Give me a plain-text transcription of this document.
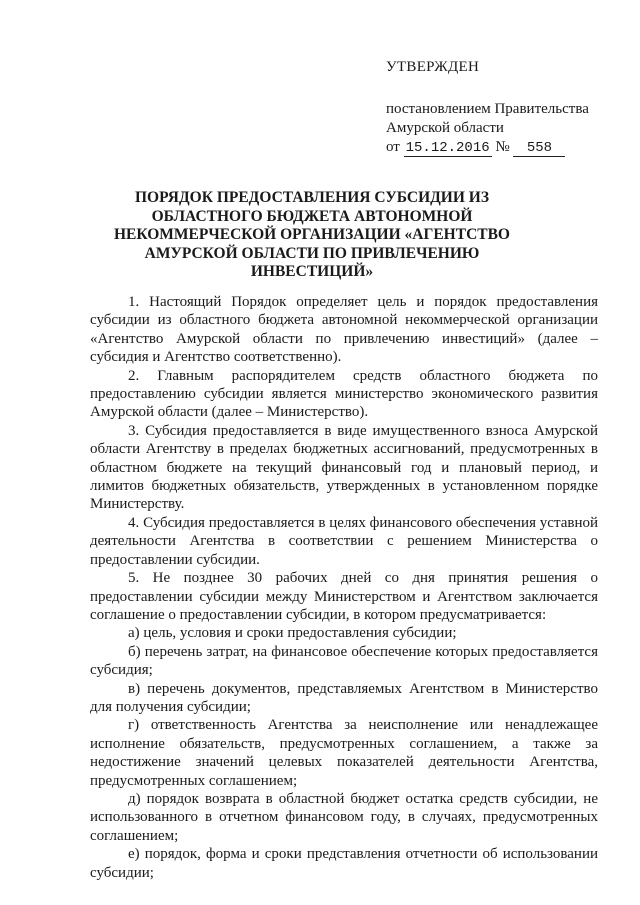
УТВЕРЖДЕН
постановлением Правительства
Амурской области
от 15.12.2016 № 558
ПОРЯДОК ПРЕДОСТАВЛЕНИЯ СУБСИДИИ ИЗ ОБЛАСТНОГО БЮДЖЕТА АВТОНОМНОЙ НЕКОММЕРЧЕСКОЙ ОРГАНИЗАЦИИ «АГЕНТСТВО АМУРСКОЙ ОБЛАСТИ ПО ПРИВЛЕЧЕНИЮ ИНВЕСТИЦИЙ»

1. Настоящий Порядок определяет цель и порядок предоставления субсидии из областного бюджета автономной некоммерческой организации «Агентство Амурской области по привлечению инвестиций» (далее – субсидия и Агентство соответственно).

2. Главным распорядителем средств областного бюджета по предоставлению субсидии является министерство экономического развития Амурской области (далее – Министерство).

3. Субсидия предоставляется в виде имущественного взноса Амурской области Агентству в пределах бюджетных ассигнований, предусмотренных в областном бюджете на текущий финансовый год и плановый период, и лимитов бюджетных обязательств, утвержденных в установленном порядке Министерству.

4. Субсидия предоставляется в целях финансового обеспечения уставной деятельности Агентства в соответствии с решением Министерства о предоставлении субсидии.

5. Не позднее 30 рабочих дней со дня принятия решения о предоставлении субсидии между Министерством и Агентством заключается соглашение о предоставлении субсидии, в котором предусматривается:

а) цель, условия и сроки предоставления субсидии;

б) перечень затрат, на финансовое обеспечение которых предоставляется субсидия;

в) перечень документов, представляемых Агентством в Министерство для получения субсидии;

г) ответственность Агентства за неисполнение или ненадлежащее исполнение обязательств, предусмотренных соглашением, а также за недостижение значений целевых показателей деятельности Агентства, предусмотренных соглашением;

д) порядок возврата в областной бюджет остатка средств субсидии, не использованного в отчетном финансовом году, в случаях, предусмотренных соглашением;

е) порядок, форма и сроки представления отчетности об использовании субсидии;
